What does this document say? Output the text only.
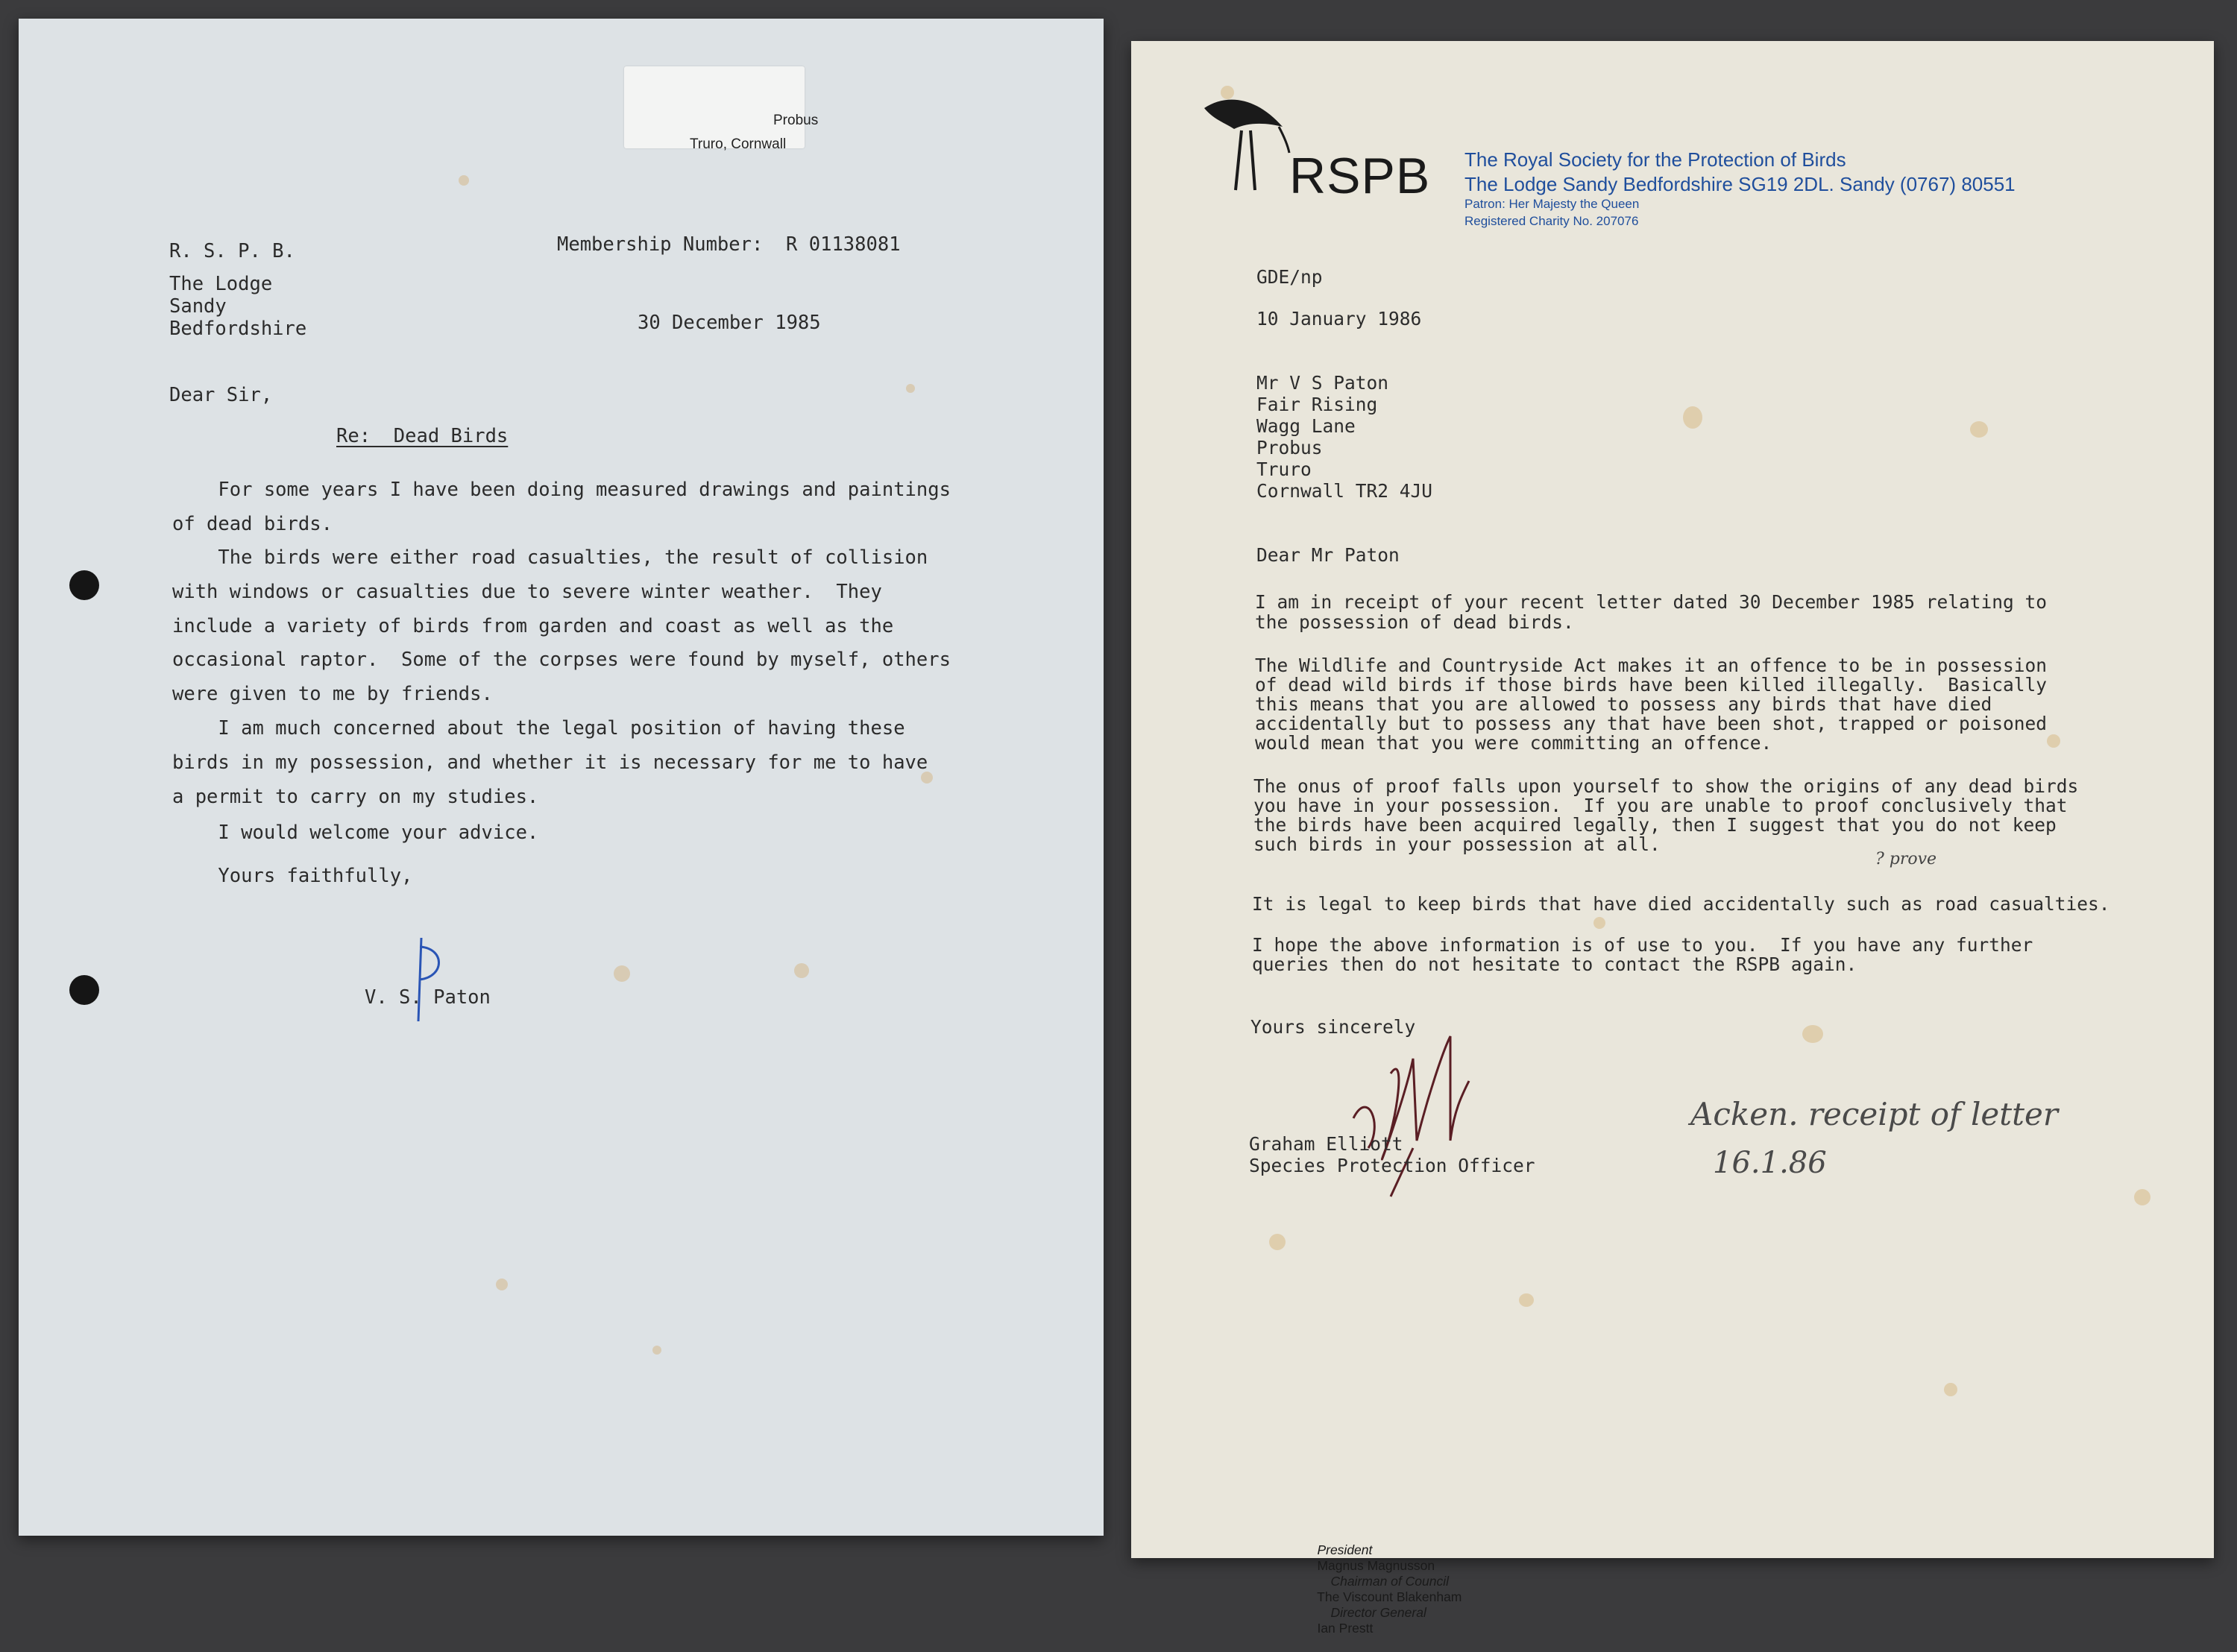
Probus
Truro, Cornwall
R. S. P. B.
The Lodge
Sandy
Bedfordshire
Membership Number:  R 01138081
30 December 1985
Dear Sir,
Re:  Dead Birds
For some years I have been doing measured drawings and paintings
of dead birds.
The birds were either road casualties, the result of collision
with windows or casualties due to severe winter weather.  They
include a variety of birds from garden and coast as well as the
occasional raptor.  Some of the corpses were found by myself, others
were given to me by friends.
I am much concerned about the legal position of having these
birds in my possession, and whether it is necessary for me to have
a permit to carry on my studies.
I would welcome your advice.
Yours faithfully,
V. S. Paton
RSPB The Royal Society for the Protection of Birds
The Lodge Sandy Bedfordshire SG19 2DL. Sandy (0767) 80551
Patron: Her Majesty the Queen
Registered Charity No. 207076
GDE/np
10 January 1986
Mr V S Paton
Fair Rising
Wagg Lane
Probus
Truro
Cornwall TR2 4JU
Dear Mr Paton
I am in receipt of your recent letter dated 30 December 1985 relating to
the possession of dead birds.
The Wildlife and Countryside Act makes it an offence to be in possession
of dead wild birds if those birds have been killed illegally.  Basically
this means that you are allowed to possess any birds that have died
accidentally but to possess any that have been shot, trapped or poisoned
would mean that you were committing an offence.
The onus of proof falls upon yourself to show the origins of any dead birds
you have in your possession.  If you are unable to proof conclusively that
the birds have been acquired legally, then I suggest that you do not keep
such birds in your possession at all.
? prove
It is legal to keep birds that have died accidentally such as road casualties.
I hope the above information is of use to you.  If you have any further
queries then do not hesitate to contact the RSPB again.
Yours sincerely
Graham Elliott
Species Protection Officer
Acken. receipt of letter
16.1.86

President
Magnus Magnusson
Chairman of Council
The Viscount Blakenham
Director General
Ian Prestt
